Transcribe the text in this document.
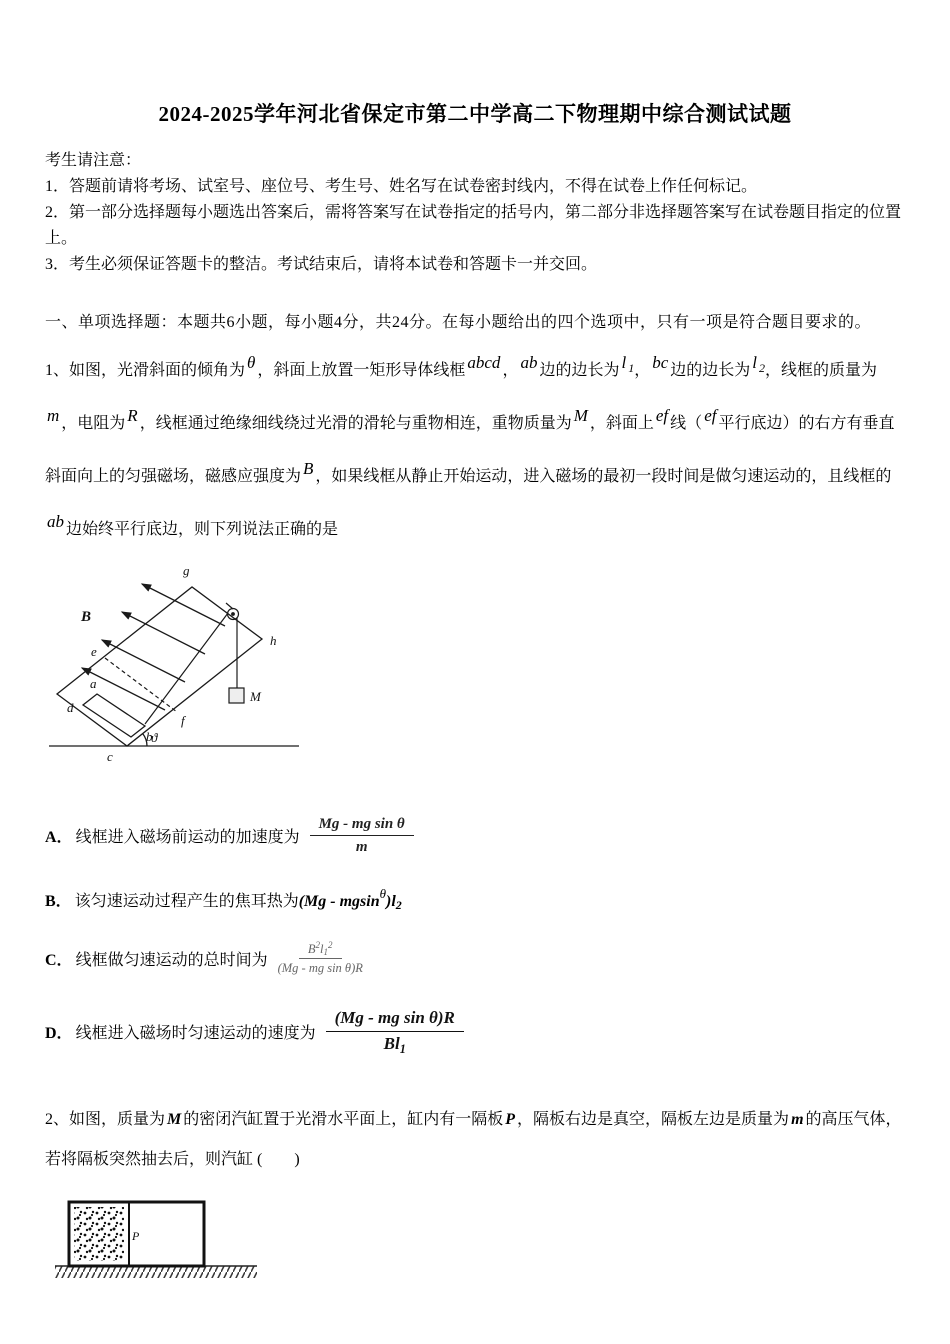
2024-2025学年河北省保定市第二中学高二下物理期中综合测试试题

考生请注意：

1．答题前请将考场、试室号、座位号、考生号、姓名写在试卷密封线内，不得在试卷上作任何标记。

2．第一部分选择题每小题选出答案后，需将答案写在试卷指定的括号内，第二部分非选择题答案写在试卷题目指定的位置上。

3．考生必须保证答题卡的整洁。考试结束后，请将本试卷和答题卡一并交回。

一、单项选择题：本题共6小题，每小题4分，共24分。在每小题给出的四个选项中，只有一项是符合题目要求的。

1、如图，光滑斜面的倾角为 θ ，斜面上放置一矩形导体线框 abcd ， ab 边的边长为 l 1， bc 边的边长为 l 2，线框的质量为m ，电阻为 R ，线框通过绝缘细线绕过光滑的滑轮与重物相连，重物质量为 M ，斜面上 ef 线（ ef 平行底边）的右方有垂直斜面向上的匀强磁场，磁感应强度为 B ，如果线框从静止开始运动，进入磁场的最初一段时间是做匀速运动的，且线框的ab 边始终平行底边，则下列说法正确的是

g
B
e
h
a
d
b
f
c
ϑ
M
A． 线框进入磁场前运动的加速度为 $\frac{\text{Mg - mg sin θ}}{m}$
B． 该匀速运动过程产生的焦耳热为(Mg - mgsin$^\theta$)l2
C． 线框做匀速运动的总时间为 $\frac{B^2l_1^2}{\text{(Mg - mg sin θ)R}}$
D． 线框进入磁场时匀速运动的速度为 $\frac{\text{(Mg - mg sin θ)R}}{Bl_1}$

2、如图，质量为 M 的密闭汽缸置于光滑水平面上，缸内有一隔板 P ，隔板右边是真空，隔板左边是质量为 m 的高压气体，若将隔板突然抽去后，则汽缸 (　　)

P
